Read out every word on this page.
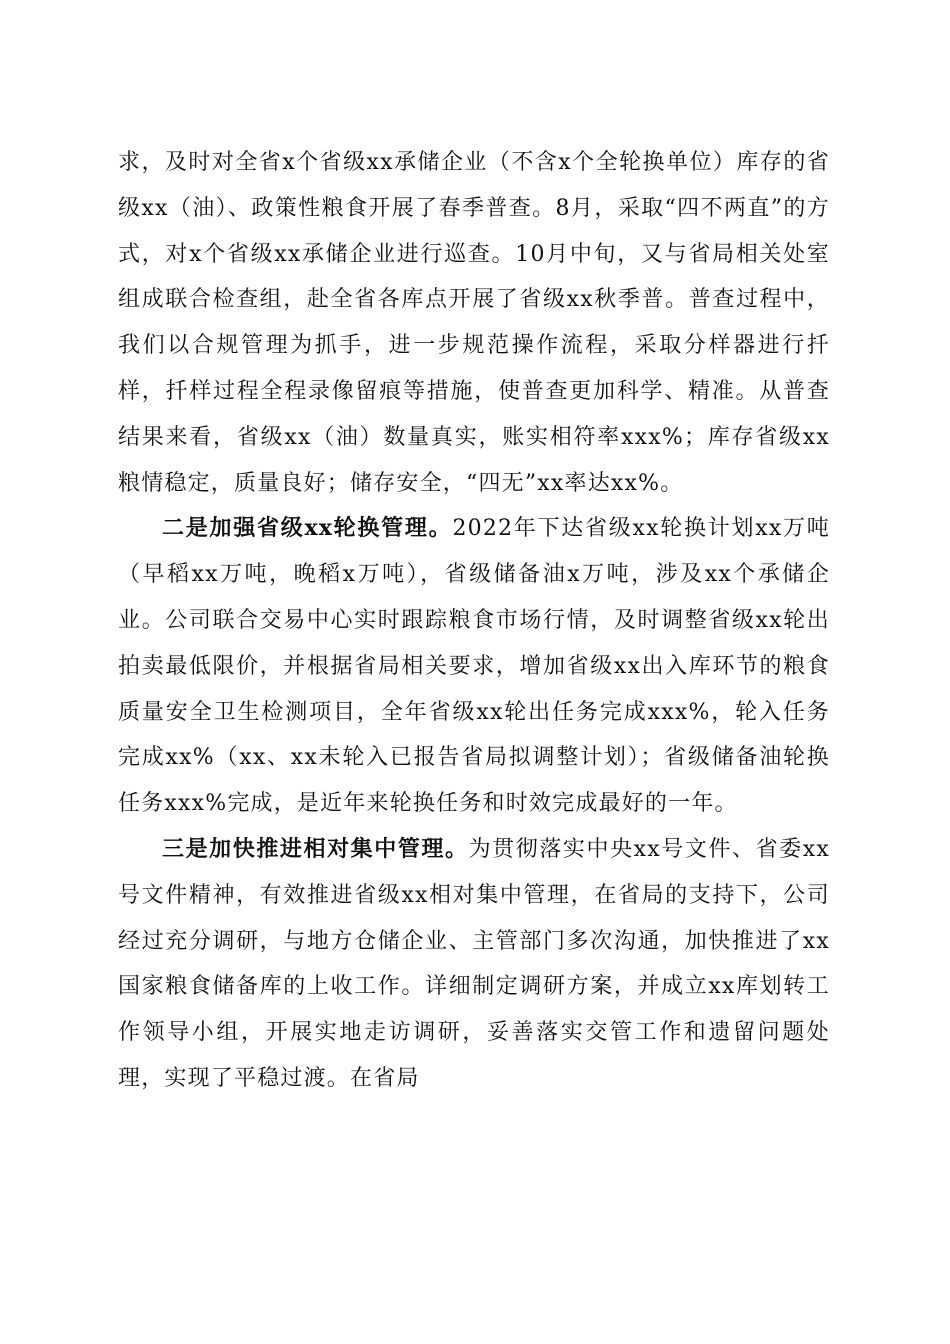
求，及时对全省x个省级xx承储企业（不含x个全轮换单位）库存的省级xx（油）、政策性粮食开展了春季普查。8月，采取“四不两直”的方式，对x个省级xx承储企业进行巡查。10月中旬，又与省局相关处室组成联合检查组，赴全省各库点开展了省级xx秋季普。普查过程中，我们以合规管理为抓手，进一步规范操作流程，采取分样器进行扦样，扦样过程全程录像留痕等措施，使普查更加科学、精准。从普查结果来看，省级xx（油）数量真实，账实相符率xxx%；库存省级xx粮情稳定，质量良好；储存安全，“四无”xx率达xx%。

二是加强省级xx轮换管理。2022年下达省级xx轮换计划xx万吨（早稻xx万吨，晚稻x万吨），省级储备油x万吨，涉及xx个承储企业。公司联合交易中心实时跟踪粮食市场行情，及时调整省级xx轮出拍卖最低限价，并根据省局相关要求，增加省级xx出入库环节的粮食质量安全卫生检测项目，全年省级xx轮出任务完成xxx%，轮入任务完成xx%（xx、xx未轮入已报告省局拟调整计划）；省级储备油轮换任务xxx%完成，是近年来轮换任务和时效完成最好的一年。

三是加快推进相对集中管理。为贯彻落实中央xx号文件、省委xx号文件精神，有效推进省级xx相对集中管理，在省局的支持下，公司经过充分调研，与地方仓储企业、主管部门多次沟通，加快推进了xx国家粮食储备库的上收工作。详细制定调研方案，并成立xx库划转工作领导小组，开展实地走访调研，妥善落实交管工作和遗留问题处理，实现了平稳过渡。在省局
